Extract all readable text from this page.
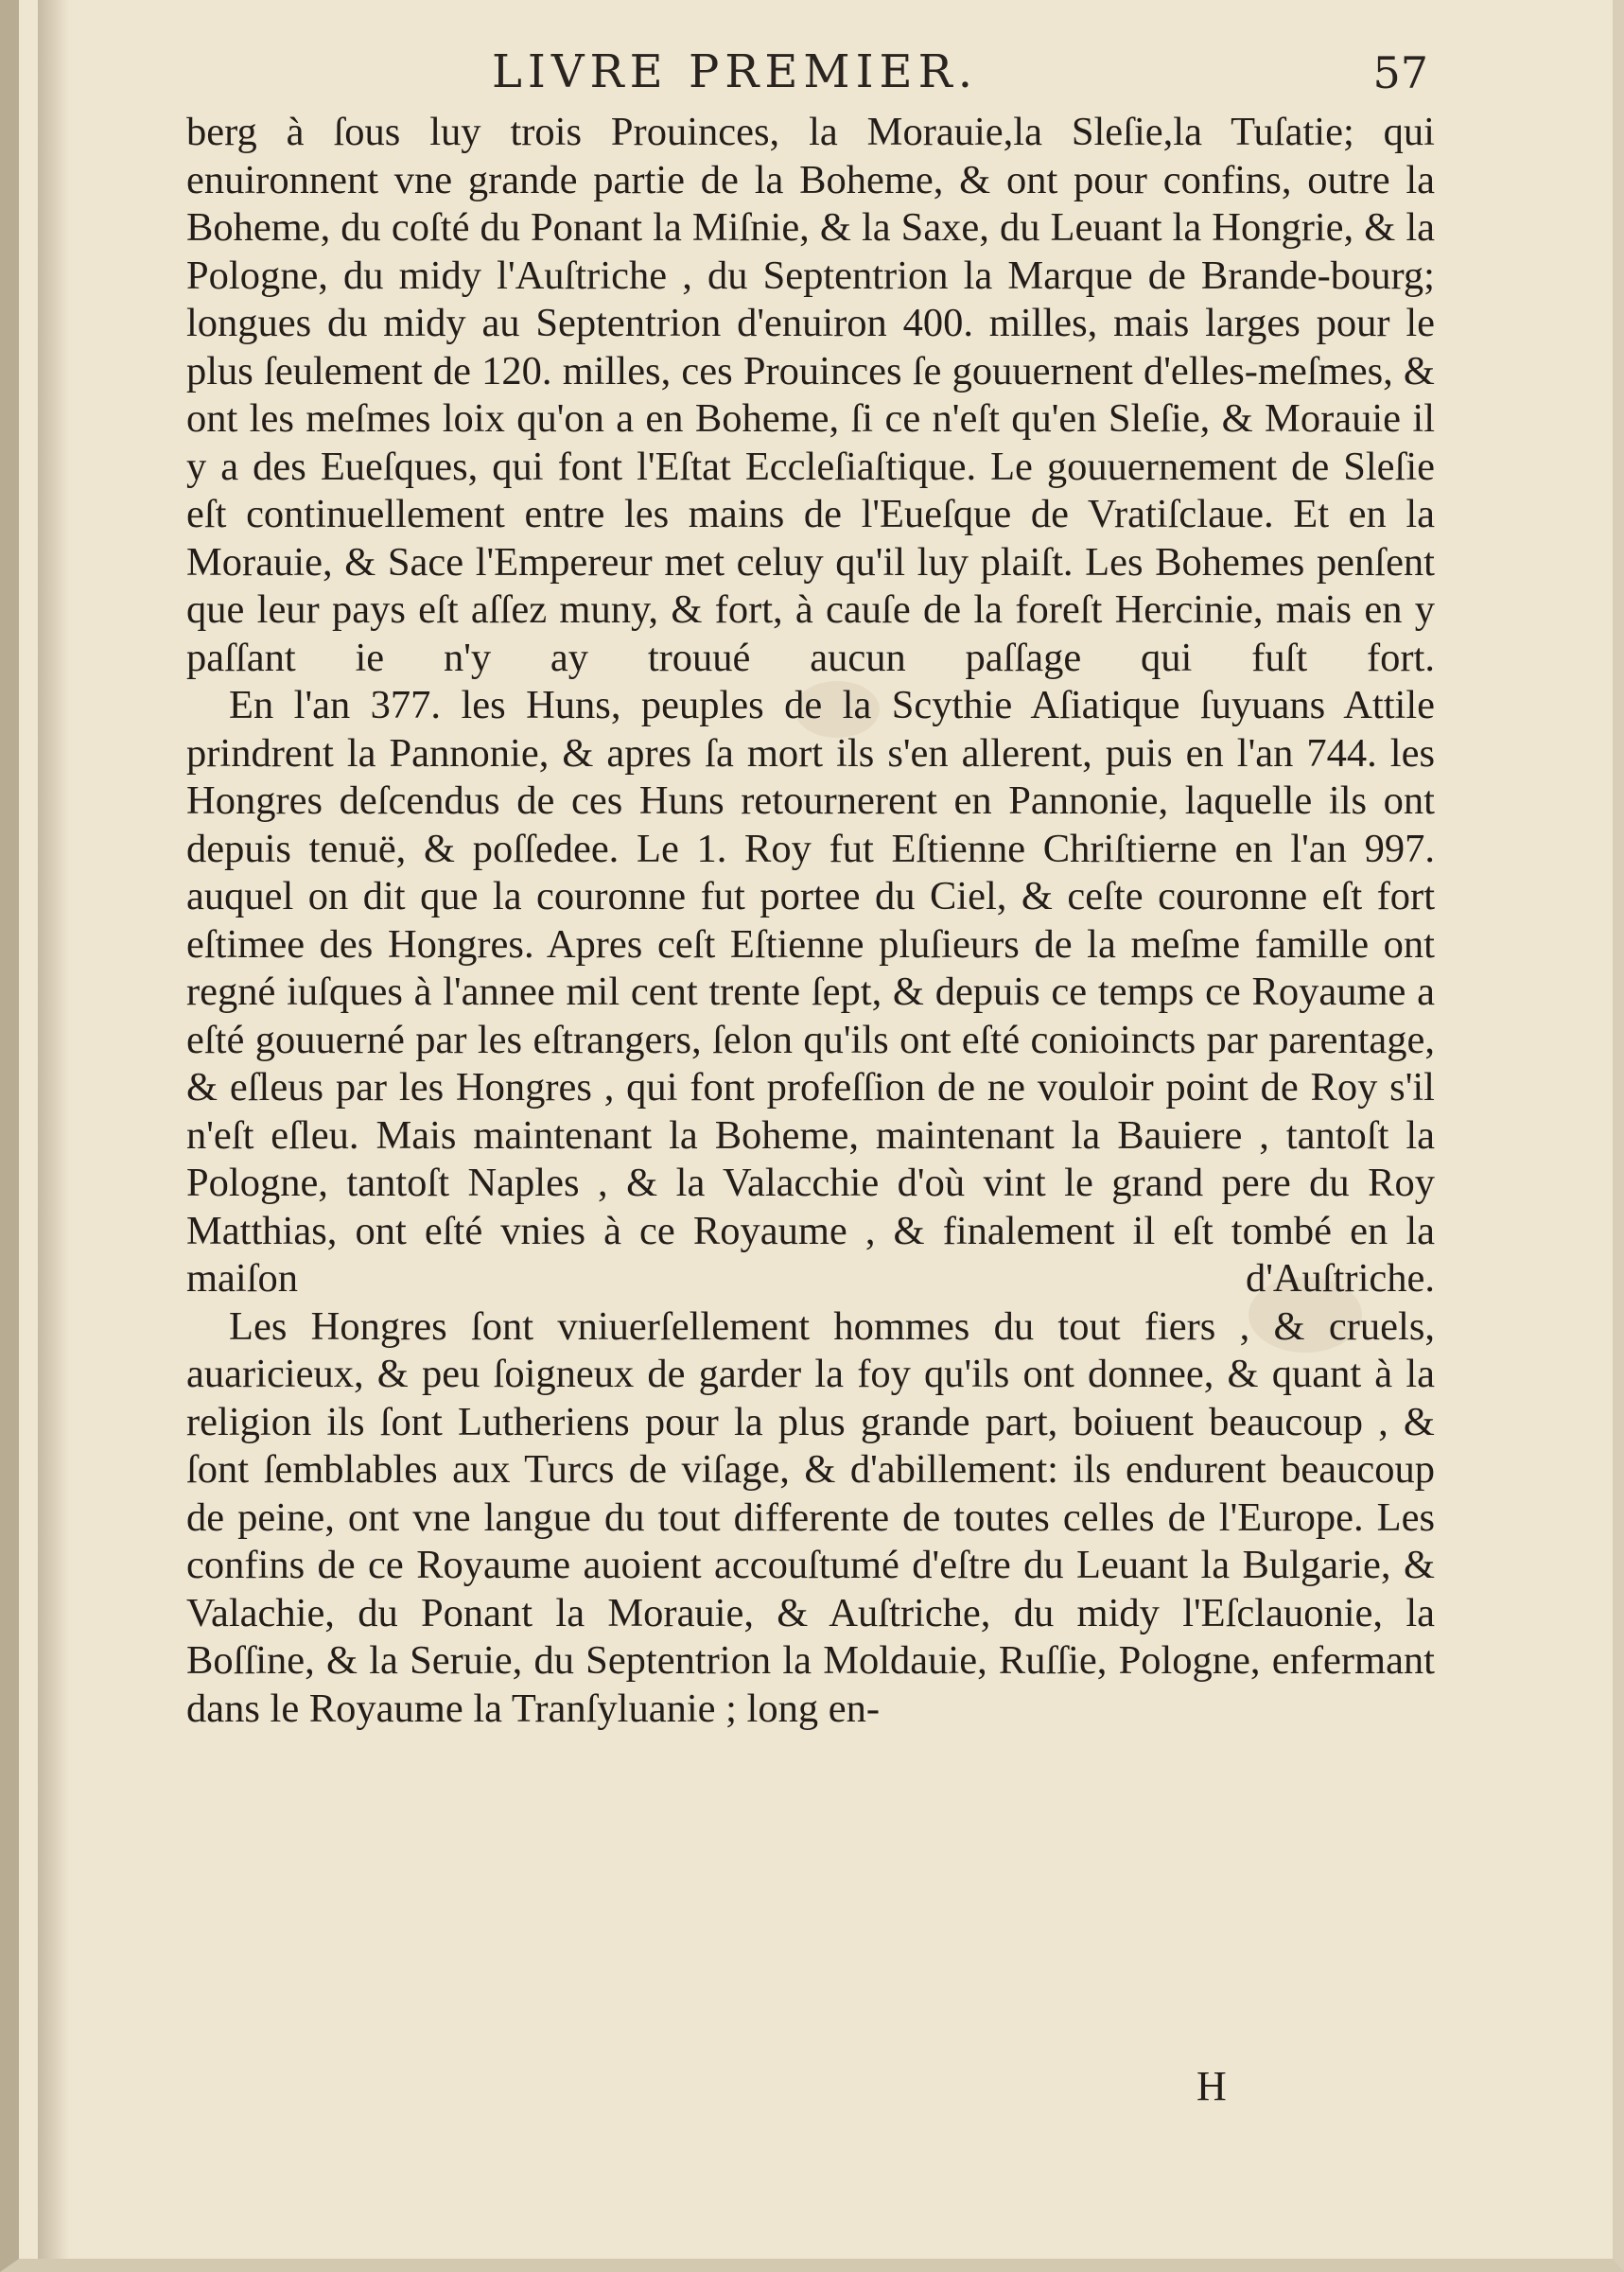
LIVRE PREMIER.	57

berg à ſous luy trois Prouinces, la Morauie,la Sleſie,la Tuſatie; qui enuironnent vne grande partie de la Boheme, & ont pour confins, outre la Boheme, du coſté du Ponant la Miſnie, & la Saxe, du Leuant la Hongrie, & la Pologne, du midy l'Auſtriche , du Septentrion la Marque de Brande-bourg; longues du midy au Septentrion d'enuiron 400. milles, mais larges pour le plus ſeulement de 120. milles, ces Prouinces ſe gouuernent d'elles-meſmes, & ont les meſmes loix qu'on a en Boheme, ſi ce n'eſt qu'en Sleſie, & Morauie il y a des Eueſques, qui font l'Eſtat Eccleſiaſtique. Le gouuernement de Sleſie eſt continuellement entre les mains de l'Eueſque de Vratiſclaue. Et en la Morauie, & Sace l'Empereur met celuy qu'il luy plaiſt. Les Bohemes penſent que leur pays eſt aſſez muny, & fort, à cauſe de la foreſt Hercinie, mais en y paſſant ie n'y ay trouué aucun paſſage qui fuſt fort.

En l'an 377. les Huns, peuples de la Scythie Aſiatique ſuyuans Attile prindrent la Pannonie, & apres ſa mort ils s'en allerent, puis en l'an 744. les Hongres deſcendus de ces Huns retournerent en Pannonie, laquelle ils ont depuis tenuë, & poſſedee. Le 1. Roy fut Eſtienne Chriſtierne en l'an 997. auquel on dit que la couronne fut portee du Ciel, & ceſte couronne eſt fort eſtimee des Hongres. Apres ceſt Eſtienne pluſieurs de la meſme famille ont regné iuſques à l'annee mil cent trente ſept, & depuis ce temps ce Royaume a eſté gouuerné par les eſtrangers, ſelon qu'ils ont eſté conioincts par parentage, & eſleus par les Hongres , qui font profeſſion de ne vouloir point de Roy s'il n'eſt eſleu. Mais maintenant la Boheme, maintenant la Bauiere , tantoſt la Pologne, tantoſt Naples , & la Valacchie d'où vint le grand pere du Roy Matthias, ont eſté vnies à ce Royaume , & finalement il eſt tombé en la maiſon d'Auſtriche.

Les Hongres ſont vniuerſellement hommes du tout fiers , & cruels, auaricieux, & peu ſoigneux de garder la foy qu'ils ont donnee, & quant à la religion ils ſont Lutheriens pour la plus grande part, boiuent beaucoup , & ſont ſemblables aux Turcs de viſage, & d'abillement: ils endurent beaucoup de peine, ont vne langue du tout differente de toutes celles de l'Europe. Les confins de ce Royaume auoient accouſtumé d'eſtre du Leuant la Bulgarie, & Valachie, du Ponant la Morauie, & Auſtriche, du midy l'Eſclauonie, la Boſſine, & la Seruie, du Septentrion la Moldauie, Ruſſie, Pologne, enfermant dans le Royaume la Tranſyluanie ; long en-

H
